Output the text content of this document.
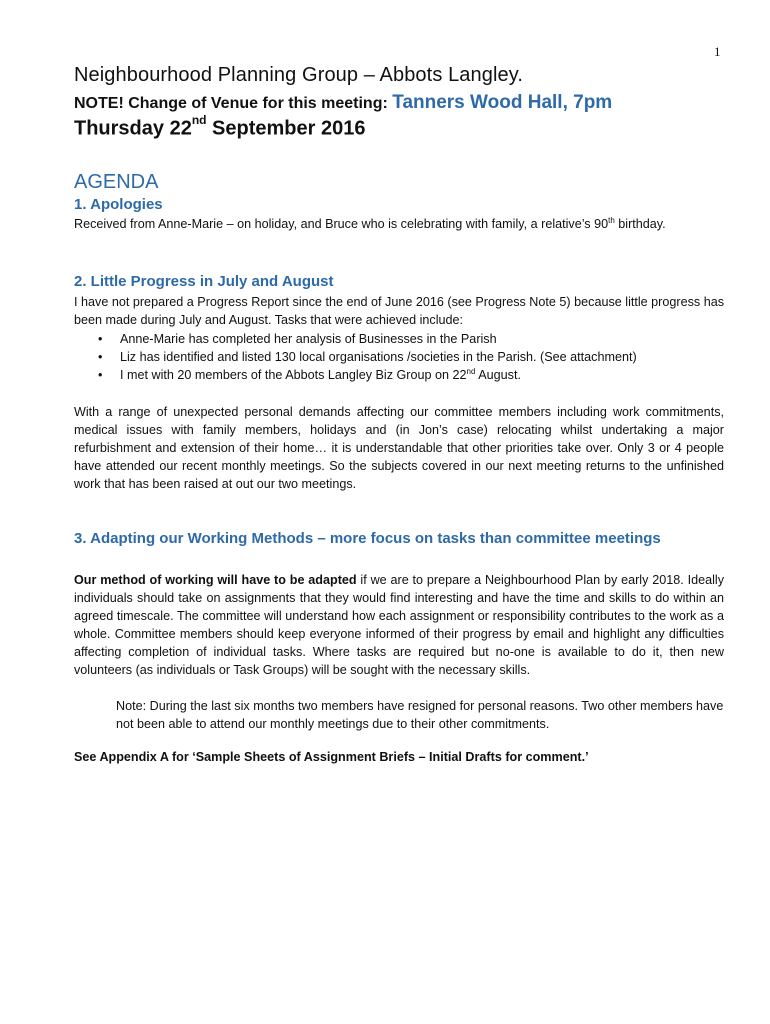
1
Neighbourhood Planning Group – Abbots Langley.
NOTE! Change of Venue for this meeting: Tanners Wood Hall, 7pm
Thursday 22nd September 2016
AGENDA
1. Apologies
Received from Anne-Marie – on holiday, and Bruce who is celebrating with family, a relative’s 90th birthday.
2. Little Progress in July and August
I have not prepared a Progress Report since the end of June 2016 (see Progress Note 5) because little progress has been made during July and August. Tasks that were achieved include:
• Anne-Marie has completed her analysis of Businesses in the Parish
• Liz has identified and listed 130 local organisations /societies in the Parish. (See attachment)
• I met with 20 members of the Abbots Langley Biz Group on 22nd August.
With a range of unexpected personal demands affecting our committee members including work commitments, medical issues with family members, holidays and (in Jon’s case) relocating whilst undertaking a major refurbishment and extension of their home… it is understandable that other priorities take over. Only 3 or 4 people have attended our recent monthly meetings. So the subjects covered in our next meeting returns to the unfinished work that has been raised at out our two meetings.
3. Adapting our Working Methods – more focus on tasks than committee meetings
Our method of working will have to be adapted if we are to prepare a Neighbourhood Plan by early 2018. Ideally individuals should take on assignments that they would find interesting and have the time and skills to do within an agreed timescale. The committee will understand how each assignment or responsibility contributes to the work as a whole. Committee members should keep everyone informed of their progress by email and highlight any difficulties affecting completion of individual tasks. Where tasks are required but no-one is available to do it, then new volunteers (as individuals or Task Groups) will be sought with the necessary skills.
Note: During the last six months two members have resigned for personal reasons. Two other members have not been able to attend our monthly meetings due to their other commitments.
See Appendix A for ‘Sample Sheets of Assignment Briefs – Initial Drafts for comment.’
